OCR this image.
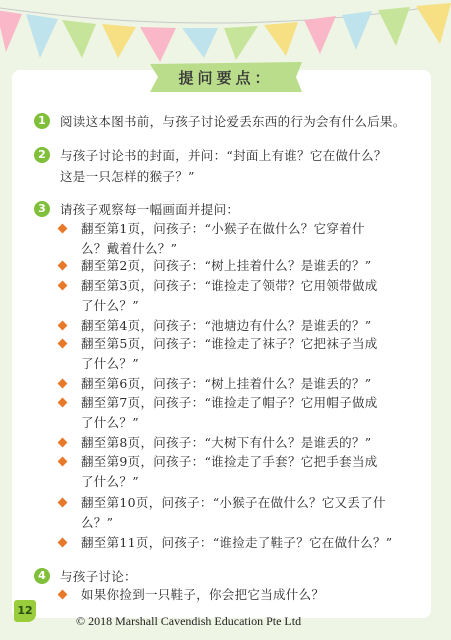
提问要点：
1	阅读这本图书前，与孩子讨论爱丢东西的行为会有什么后果。
2	与孩子讨论书的封面，并问：“封面上有谁？它在做什么？
这是一只怎样的猴子？”
3	请孩子观察每一幅画面并提问：
翻至第1页，问孩子：“小猴子在做什么？它穿着什
么？戴着什么？”
翻至第2页，问孩子：“树上挂着什么？是谁丢的？”
翻至第3页，问孩子：“谁捡走了领带？它用领带做成
了什么？”
翻至第4页，问孩子：“池塘边有什么？是谁丢的？”
翻至第5页，问孩子：“谁捡走了袜子？它把袜子当成
了什么？”
翻至第6页，问孩子：“树上挂着什么？是谁丢的？”
翻至第7页，问孩子：“谁捡走了帽子？它用帽子做成
了什么？”
翻至第8页，问孩子：“大树下有什么？是谁丢的？”
翻至第9页，问孩子：“谁捡走了手套？它把手套当成
了什么？”
翻至第10页，问孩子：“小猴子在做什么？它又丢了什
么？”
翻至第11页，问孩子：“谁捡走了鞋子？它在做什么？”
4	与孩子讨论：
如果你捡到一只鞋子，你会把它当成什么？
12
© 2018 Marshall Cavendish Education Pte Ltd
